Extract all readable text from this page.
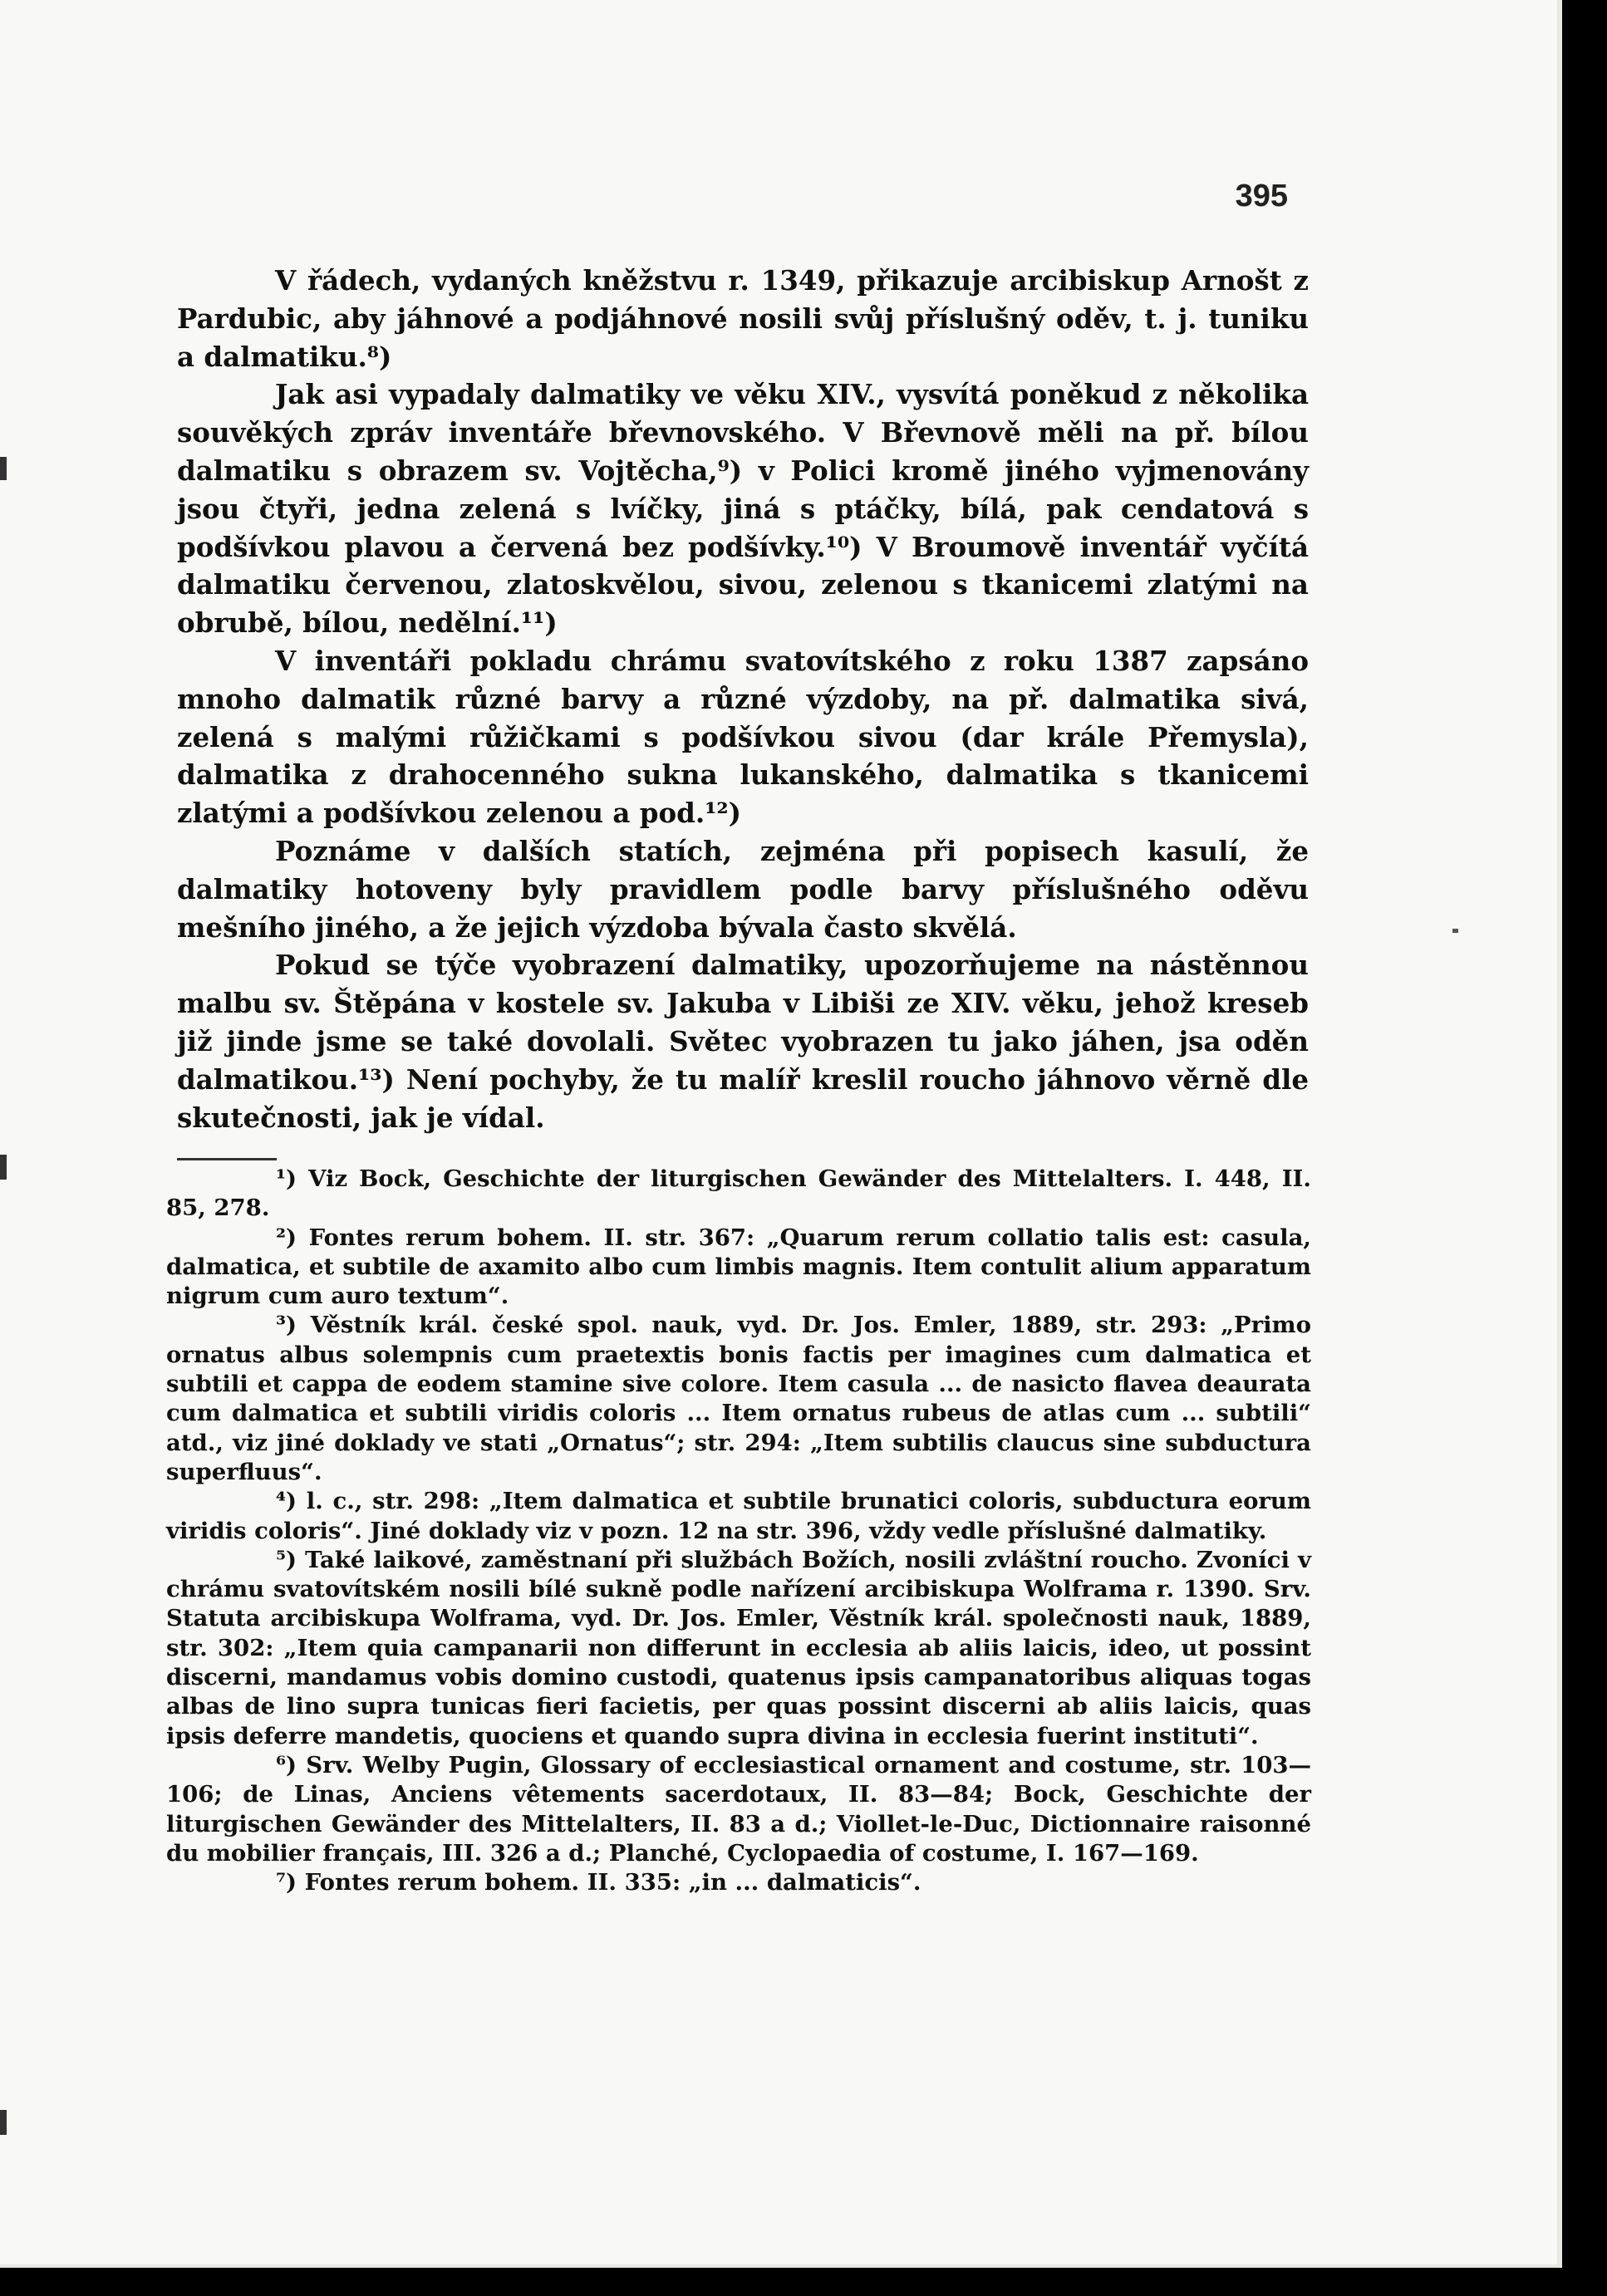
395

V řádech, vydaných kněžstvu r. 1349, přikazuje arcibiskup Arnošt z Pardubic, aby jáhnové a podjáhnové nosili svůj příslušný oděv, t. j. tuniku a dalmatiku.⁸)

Jak asi vypadaly dalmatiky ve věku XIV., vysvítá poněkud z několika souvěkých zpráv inventáře břevnovského. V Břevnově měli na př. bílou dalmatiku s obrazem sv. Vojtěcha,⁹) v Polici kromě jiného vyjmenovány jsou čtyři, jedna zelená s lvíčky, jiná s ptáčky, bílá, pak cendatová s podšívkou plavou a červená bez podšívky.¹⁰) V Broumově inventář vyčítá dalmatiku červenou, zlatoskvělou, sivou, zelenou s tkanicemi zlatými na obrubě, bílou, nedělní.¹¹)

V inventáři pokladu chrámu svatovítského z roku 1387 zapsáno mnoho dalmatik různé barvy a různé výzdoby, na př. dalmatika sivá, zelená s malými růžičkami s podšívkou sivou (dar krále Přemysla), dalmatika z drahocenného sukna lukanského, dalmatika s tkanicemi zlatými a podšívkou zelenou a pod.¹²)

Poznáme v dalších statích, zejména při popisech kasulí, že dalmatiky hotoveny byly pravidlem podle barvy příslušného oděvu mešního jiného, a že jejich výzdoba bývala často skvělá.

Pokud se týče vyobrazení dalmatiky, upozorňujeme na nástěnnou malbu sv. Štěpána v kostele sv. Jakuba v Libiši ze XIV. věku, jehož kreseb již jinde jsme se také dovolali. Světec vyobrazen tu jako jáhen, jsa oděn dalmatikou.¹³) Není pochyby, že tu malíř kreslil roucho jáhnovo věrně dle skutečnosti, jak je vídal.

¹) Viz Bock, Geschichte der liturgischen Gewänder des Mittelalters. I. 448, II. 85, 278.

²) Fontes rerum bohem. II. str. 367: „Quarum rerum collatio talis est: casula, dalmatica, et subtile de axamito albo cum limbis magnis. Item contulit alium apparatum nigrum cum auro textum“.

³) Věstník král. české spol. nauk, vyd. Dr. Jos. Emler, 1889, str. 293: „Primo ornatus albus solempnis cum praetextis bonis factis per imagines cum dalmatica et subtili et cappa de eodem stamine sive colore. Item casula ... de nasicto flavea deaurata cum dalmatica et subtili viridis coloris ... Item ornatus rubeus de atlas cum ... subtili“ atd., viz jiné doklady ve stati „Ornatus“; str. 294: „Item subtilis claucus sine subductura superfluus“.

⁴) l. c., str. 298: „Item dalmatica et subtile brunatici coloris, subductura eorum viridis coloris“. Jiné doklady viz v pozn. 12 na str. 396, vždy vedle příslušné dalmatiky.

⁵) Také laikové, zaměstnaní při službách Božích, nosili zvláštní roucho. Zvoníci v chrámu svatovítském nosili bílé sukně podle nařízení arcibiskupa Wolframa r. 1390. Srv. Statuta arcibiskupa Wolframa, vyd. Dr. Jos. Emler, Věstník král. společnosti nauk, 1889, str. 302: „Item quia campanarii non differunt in ecclesia ab aliis laicis, ideo, ut possint discerni, mandamus vobis domino custodi, quatenus ipsis campanatoribus aliquas togas albas de lino supra tunicas fieri facietis, per quas possint discerni ab aliis laicis, quas ipsis deferre mandetis, quociens et quando supra divina in ecclesia fuerint instituti“.

⁶) Srv. Welby Pugin, Glossary of ecclesiastical ornament and costume, str. 103—106; de Linas, Anciens vêtements sacerdotaux, II. 83—84; Bock, Geschichte der liturgischen Gewänder des Mittelalters, II. 83 a d.; Viollet-le-Duc, Dictionnaire raisonné du mobilier français, III. 326 a d.; Planché, Cyclopaedia of costume, I. 167—169.

⁷) Fontes rerum bohem. II. 335: „in ... dalmaticis“.
